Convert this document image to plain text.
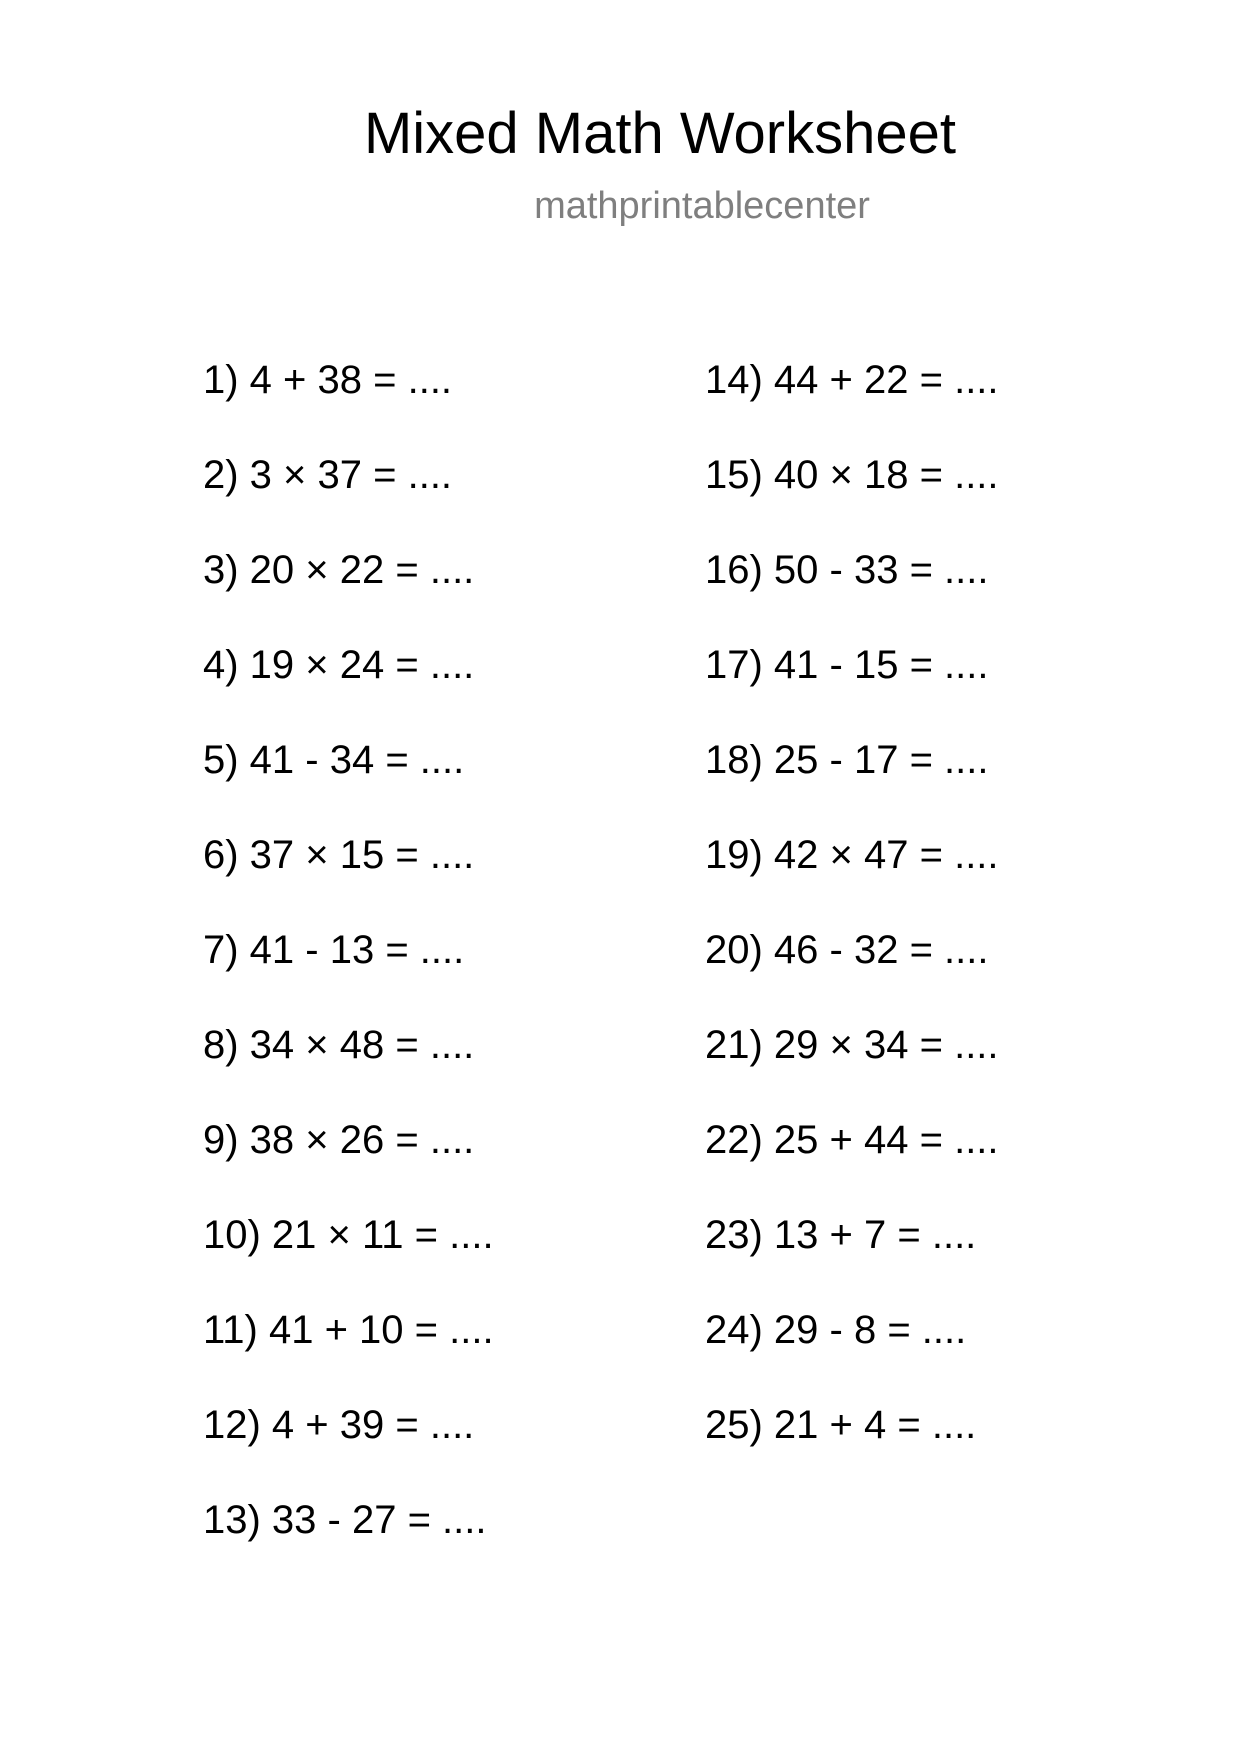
Mixed Math Worksheet
mathprintablecenter
1) 4 + 38 = ....
2) 3 × 37 = ....
3) 20 × 22 = ....
4) 19 × 24 = ....
5) 41 - 34 = ....
6) 37 × 15 = ....
7) 41 - 13 = ....
8) 34 × 48 = ....
9) 38 × 26 = ....
10) 21 × 11 = ....
11) 41 + 10 = ....
12) 4 + 39 = ....
13) 33 - 27 = ....
14) 44 + 22 = ....
15) 40 × 18 = ....
16) 50 - 33 = ....
17) 41 - 15 = ....
18) 25 - 17 = ....
19) 42 × 47 = ....
20) 46 - 32 = ....
21) 29 × 34 = ....
22) 25 + 44 = ....
23) 13 + 7 = ....
24) 29 - 8 = ....
25) 21 + 4 = ....
